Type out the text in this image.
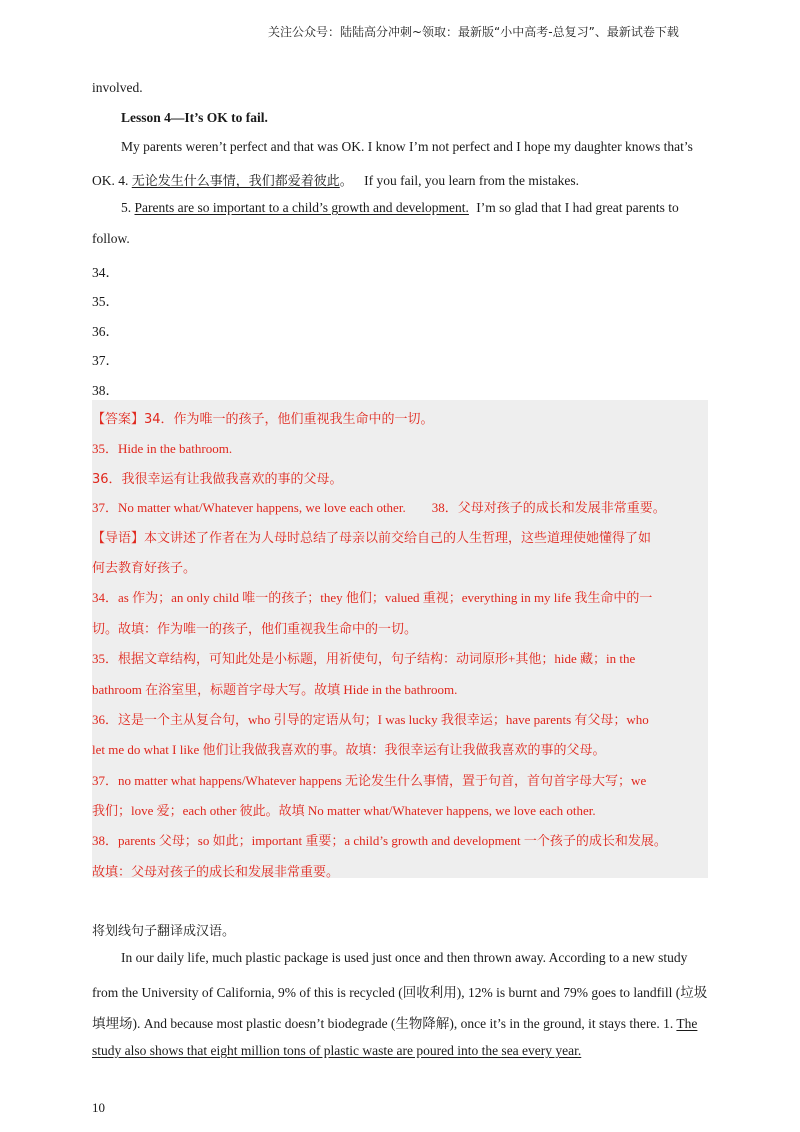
关注公众号：陆陆高分冲刺 ~领取：最新版“小中高考-总复习”、最新试卷下载
involved.
Lesson 4—It’s OK to fail.
My parents weren’t perfect and that was OK. I know I’m not perfect and I hope my daughter knows that’s
OK. 4. 无论发生什么事情，我们都爱着彼此。 If you fail, you learn from the mistakes.
5. Parents are so important to a child’s growth and development. I’m so glad that I had great parents to
follow.
34．
35．
36．
37．
38．
【答案】34．作为唯一的孩子，他们重视我生命中的一切。
35．Hide in the bathroom.
36．我很幸运有让我做我喜欢的事的父母。
37．No matter what/Whatever happens, we love each other.        38．父母对孩子的成长和发展非常重要。
【导语】本文讲述了作者在为人母时总结了母亲以前交给自己的人生哲理，这些道理使她懂得了如
何去教育好孩子。
34．as 作为；an only child 唯一的孩子；they 他们；valued 重视；everything in my life 我生命中的一
切。故填：作为唯一的孩子，他们重视我生命中的一切。
35．根据文章结构，可知此处是小标题，用祈使句，句子结构：动词原形+其他；hide 藏；in the
bathroom 在浴室里，标题首字母大写。故填 Hide in the bathroom.
36．这是一个主从复合句，who 引导的定语从句；I was lucky 我很幸运；have parents 有父母；who
let me do what I like 他们让我做我喜欢的事。故填：我很幸运有让我做我喜欢的事的父母。
37．no matter what happens/Whatever happens 无论发生什么事情，置于句首，首句首字母大写；we
我们；love 爱；each other 彼此。故填 No matter what/Whatever happens, we love each other.
38．parents 父母；so 如此；important 重要；a child’s growth and development 一个孩子的成长和发展。
故填：父母对孩子的成长和发展非常重要。
将划线句子翻译成汉语。
In our daily life, much plastic package is used just once and then thrown away. According to a new study
from the University of California, 9% of this is recycled (回收利用), 12% is burnt and 79% goes to landfill (垃圾
填埋场). And because most plastic doesn’t biodegrade (生物降解), once it’s in the ground, it stays there. 1. The
study also shows that eight million tons of plastic waste are poured into the sea every year.
10
